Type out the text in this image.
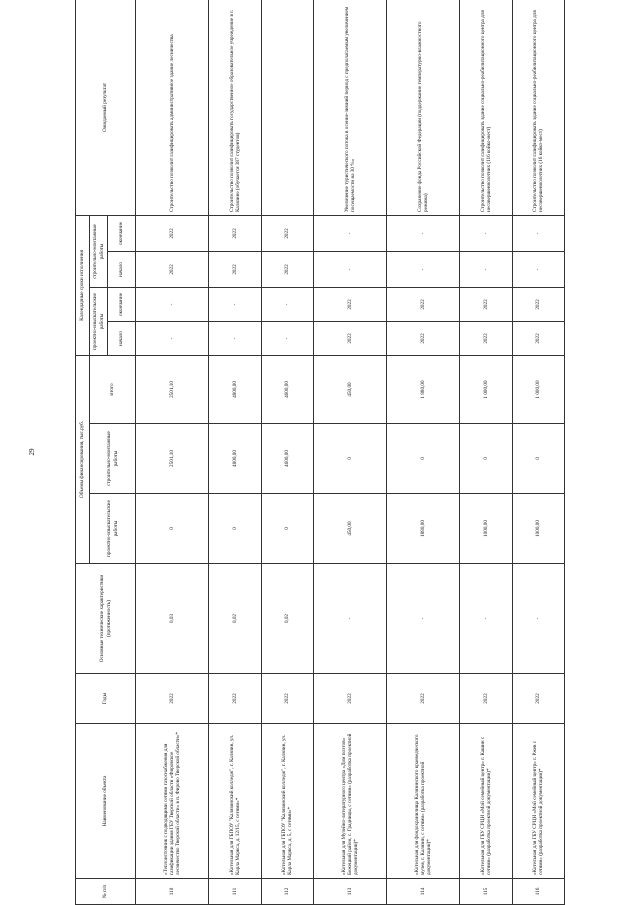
29
№ п/п	Наименование объекта	Годы	Основные технические характеристики (протяженность)	Объемы финансирования, тыс.руб.			Календарные сроки исполнения				Ожидаемый результат
				проектно-изыскательские работы	строительно-монтажные работы	итого	проектно-изыскательские работы		строительно-монтажные работы		
							начало	окончание	начало	окончание	

110	«Теплоисточник с подводящими сетями газоснабжения для газификации здания ГБУ Тверской области «Фировское лесничество Тверской области» в п. Фирово Тверской области»*	2022	0,03	0	2501,10	2501,10	-	-	2022	2022	Строительство позволит газифицировать административное здание лесничества
111	«Котельная для ГБПОУ "Калязинский колледж", г. Калязин, ул. Карла Маркса, д. 12/15, с сетями»*	2022	0,02	0	4800,00	4800,00	-	-	2022	2022	Строительство позволит газифицировать государственное образовательное учреждение в г. Калязине (обучается 387 студентов)
112	«Котельная для ГБПОУ "Калязинский колледж", г. Калязин, ул. Карла Маркса, д. 5, с сетями»*	2022	0,02	0	4600,00	4600,00	-	-	2022	2022	
113	«Котельная для Музейно-литературного центра «Дом поэтов» Бежецкий район, с. Градницы, с сетями» (разработка проектной документации)*	2022	-	450,00	0	450,00	2022	2022	-	-	Увеличение туристического потока в осенне-зимний период с предполагаемым увеличением посещаемости на 30 %»
114	«Котельная для фондохранилища Калязинского краеведческого музея, г. Калязин, с сетями» (разработка проектной документации)*	2022	-	1880,00	0	1 880,00	2022	2022	-	-	Сохранение фонда Российской Федерации (поддержание температурно-влажностного режима)
115	«Котельная для ГБУ СРЦН «Мой семейный центр» г. Кашин с сетями» (разработка проектной документации)*	2022	-	1000,00	0	1 000,00	2022	2022	-	-	Строительство позволит газифицировать здание социально-реабилитационного центра для несовершеннолетних (116 койко-мест)
116	«Котельная для ГБУ СРЦН «Мой семейный центр» г. Ржев с сетями» (разработка проектной документации)*	2022	-	1000,00	0	1 000,00	2022	2022	-	-	Строительство позволит газифицировать здание социально-реабилитационного центра для несовершеннолетних (16 койко-мест)
